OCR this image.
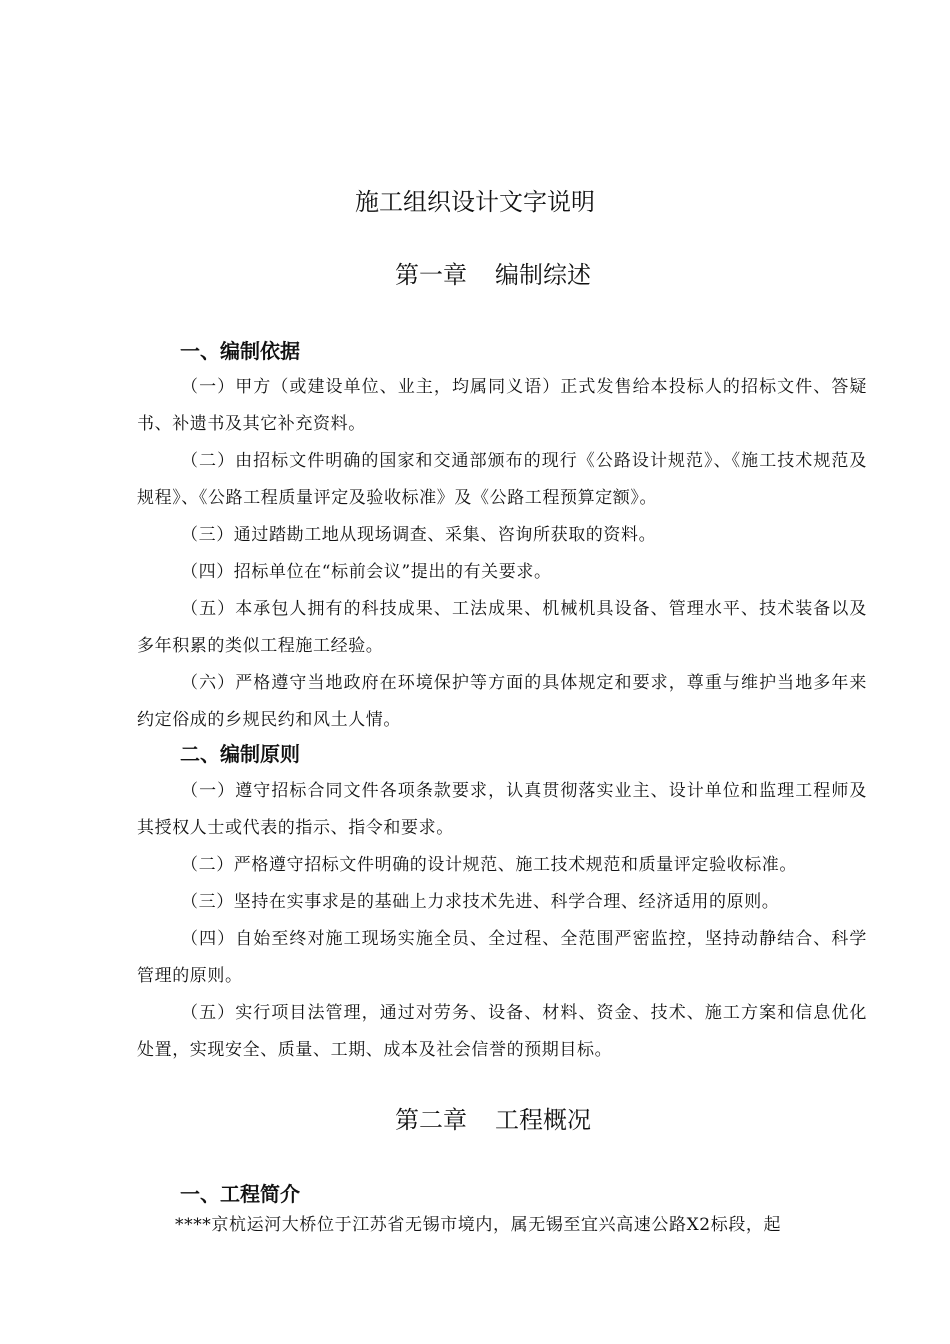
施工组织设计文字说明
第一章 编制综述
一、编制依据
（一）甲方（或建设单位、业主，均属同义语）正式发售给本投标人的招标文件、答疑书、补遗书及其它补充资料。
（二）由招标文件明确的国家和交通部颁布的现行《公路设计规范》、《施工技术规范及规程》、《公路工程质量评定及验收标准》及《公路工程预算定额》。
（三）通过踏勘工地从现场调查、采集、咨询所获取的资料。
（四）招标单位在“标前会议”提出的有关要求。
（五）本承包人拥有的科技成果、工法成果、机械机具设备、管理水平、技术装备以及多年积累的类似工程施工经验。
（六）严格遵守当地政府在环境保护等方面的具体规定和要求，尊重与维护当地多年来约定俗成的乡规民约和风土人情。
二、编制原则
（一）遵守招标合同文件各项条款要求，认真贯彻落实业主、设计单位和监理工程师及其授权人士或代表的指示、指令和要求。
（二）严格遵守招标文件明确的设计规范、施工技术规范和质量评定验收标准。
（三）坚持在实事求是的基础上力求技术先进、科学合理、经济适用的原则。
（四）自始至终对施工现场实施全员、全过程、全范围严密监控，坚持动静结合、科学管理的原则。
（五）实行项目法管理，通过对劳务、设备、材料、资金、技术、施工方案和信息优化处置，实现安全、质量、工期、成本及社会信誉的预期目标。
第二章 工程概况
一、工程简介
****京杭运河大桥位于江苏省无锡市境内，属无锡至宜兴高速公路X2标段，起
